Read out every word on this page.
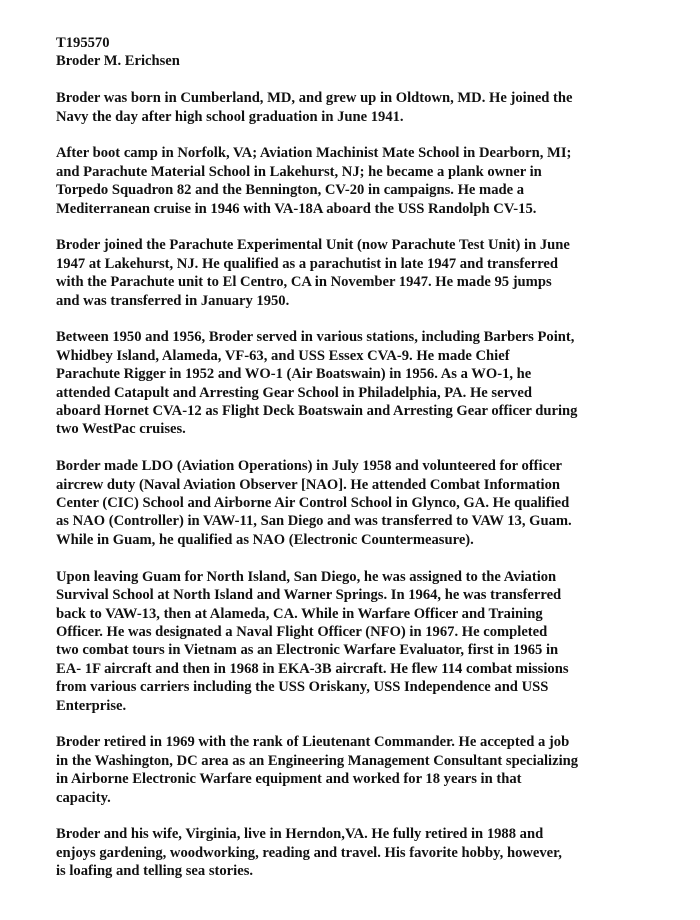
T195570
Broder M. Erichsen
Broder was born in Cumberland, MD, and grew up in Oldtown, MD. He joined the
Navy the day after high school graduation in June 1941.
After boot camp in Norfolk, VA; Aviation Machinist Mate School in Dearborn, MI;
and Parachute Material School in Lakehurst, NJ; he became a plank owner in
Torpedo Squadron 82 and the Bennington, CV-20 in campaigns. He made a
Mediterranean cruise in 1946 with VA-18A aboard the USS Randolph CV-15.
Broder joined the Parachute Experimental Unit (now Parachute Test Unit) in June
1947 at Lakehurst, NJ. He qualified as a parachutist in late 1947 and transferred
with the Parachute unit to El Centro, CA in November 1947. He made 95 jumps
and was transferred in January 1950.
Between 1950 and 1956, Broder served in various stations, including Barbers Point,
Whidbey Island, Alameda, VF-63, and USS Essex CVA-9. He made Chief
Parachute Rigger in 1952 and WO-1 (Air Boatswain) in 1956. As a WO-1, he
attended Catapult and Arresting Gear School in Philadelphia, PA. He served
aboard Hornet CVA-12 as Flight Deck Boatswain and Arresting Gear officer during
two WestPac cruises.
Border made LDO (Aviation Operations) in July 1958 and volunteered for officer
aircrew duty (Naval Aviation Observer [NAO]. He attended Combat Information
Center (CIC) School and Airborne Air Control School in Glynco, GA. He qualified
as NAO (Controller) in VAW-11, San Diego and was transferred to VAW 13, Guam.
While in Guam, he qualified as NAO (Electronic Countermeasure).
Upon leaving Guam for North Island, San Diego, he was assigned to the Aviation
Survival School at North Island and Warner Springs. In 1964, he was transferred
back to VAW-13, then at Alameda, CA. While in Warfare Officer and Training
Officer. He was designated a Naval Flight Officer (NFO) in 1967. He completed
two combat tours in Vietnam as an Electronic Warfare Evaluator, first in 1965 in
EA- 1F aircraft and then in 1968 in EKA-3B aircraft. He flew 114 combat missions
from various carriers including the USS Oriskany, USS Independence and USS
Enterprise.
Broder retired in 1969 with the rank of Lieutenant Commander. He accepted a job
in the Washington, DC area as an Engineering Management Consultant specializing
in Airborne Electronic Warfare equipment and worked for 18 years in that
capacity.
Broder and his wife, Virginia, live in Herndon,VA. He fully retired in 1988 and
enjoys gardening, woodworking, reading and travel. His favorite hobby, however,
is loafing and telling sea stories.
